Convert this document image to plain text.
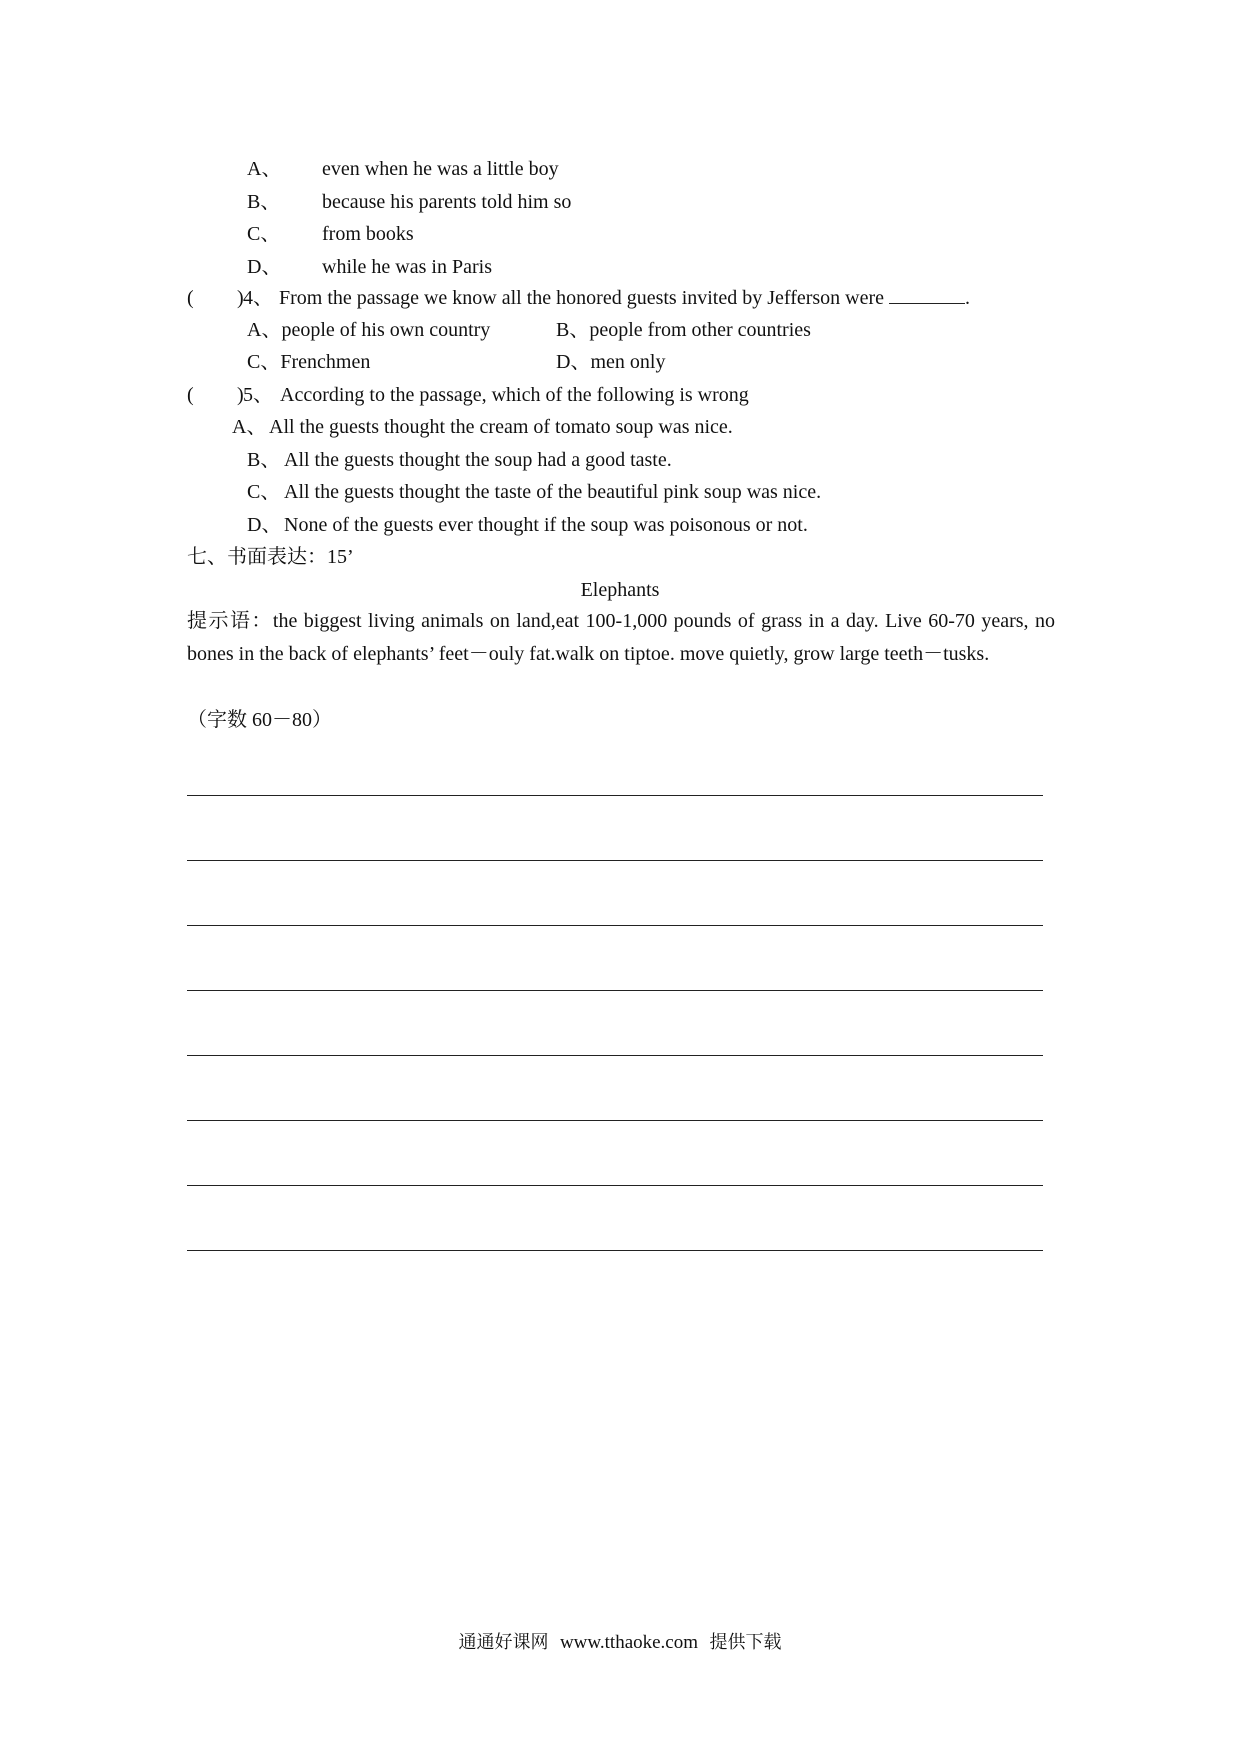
A、 even when he was a little boy
B、 because his parents told him so
C、 from books
D、 while he was in Paris
( ) 4、 From the passage we know all the honored guests invited by Jefferson were	.
A、people of his own country	B、people from other countries
C、Frenchmen	D、men only
( ) 5、 According to the passage, which of the following is wrong
A、 All the guests thought the cream of tomato soup was nice.
B、 All the guests thought the soup had a good taste.
C、 All the guests thought the taste of the beautiful pink soup was nice.
D、 None of the guests ever thought if the soup was poisonous or not.
七、书面表达：15’
Elephants
提示语：the biggest living animals on land,eat 100-1,000 pounds of grass in a day. Live 60-70 years, no bones in the back of elephants’ feet－ouly fat.walk on tiptoe. move quietly, grow large teeth－tusks.
（字数 60－80）
通通好课网 www.tthaoke.com 提供下载
